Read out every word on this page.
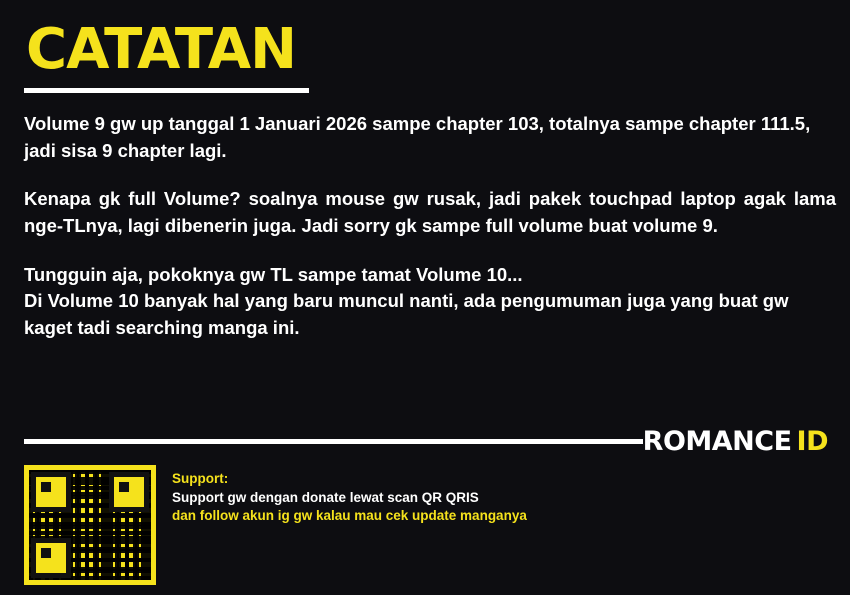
CATATAN

Volume 9 gw up tanggal 1 Januari 2026 sampe chapter 103, totalnya sampe chapter 111.5, jadi sisa 9 chapter lagi.

Kenapa gk full Volume? soalnya mouse gw rusak, jadi pakek touchpad laptop agak lama nge-TLnya, lagi dibenerin juga. Jadi sorry gk sampe full volume buat volume 9.

Tungguin aja, pokoknya gw TL sampe tamat Volume 10...

Di Volume 10 banyak hal yang baru muncul nanti, ada pengumuman juga yang buat gw kaget tadi searching manga ini.

ROMANCE ID
Support:
Support gw dengan donate lewat scan QR QRIS
dan follow akun ig gw kalau mau cek update manganya
